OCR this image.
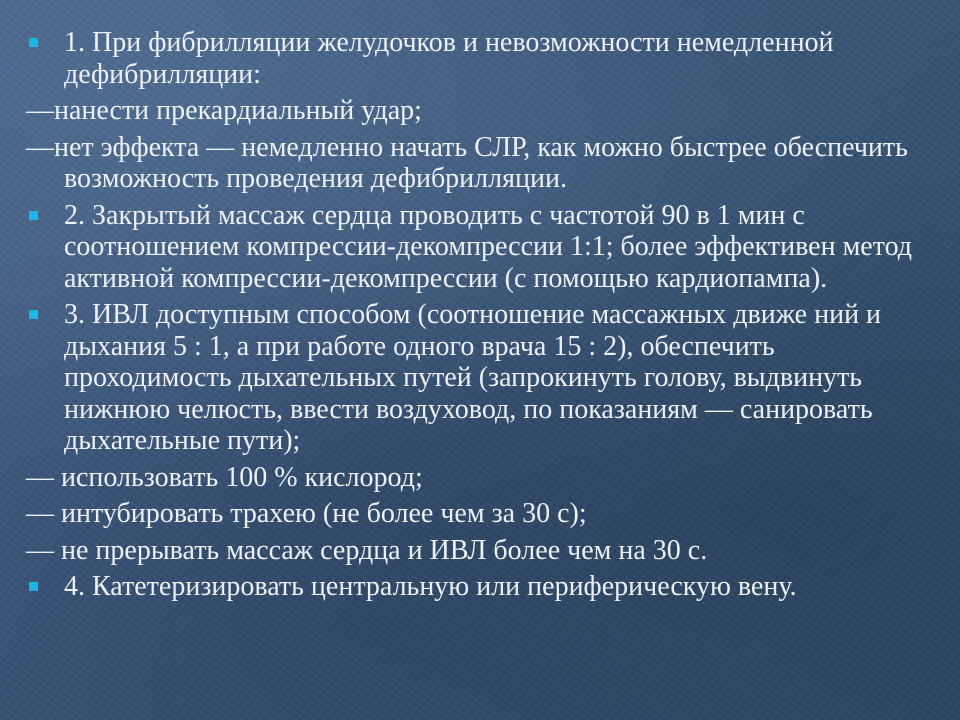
1. При фибрилляции желудочков и невозможности немедленной дефибрилляции:
—нанести прекардиальный удар;
—нет эффекта — немедленно начать СЛР, как можно быстрее обеспечить возможность проведения дефибрилляции.
2. Закрытый массаж сердца проводить с частотой 90 в 1 мин с соотношением компрессии-декомпрессии 1:1; более эффективен метод активной компрессии-декомпрессии (с помощью кардиопампа).
3. ИВЛ доступным способом (соотношение массажных движе ний и дыхания 5 : 1, а при работе одного врача 15 : 2), обеспечить проходимость дыхательных путей (запрокинуть голову, выдвинуть нижнюю челюсть, ввести воздуховод, по показаниям — санировать дыхательные пути);
— использовать 100 % кислород;
— интубировать трахею (не более чем за 30 с);
— не прерывать массаж сердца и ИВЛ более чем на 30 с.
4. Катетеризировать центральную или периферическую вену.
